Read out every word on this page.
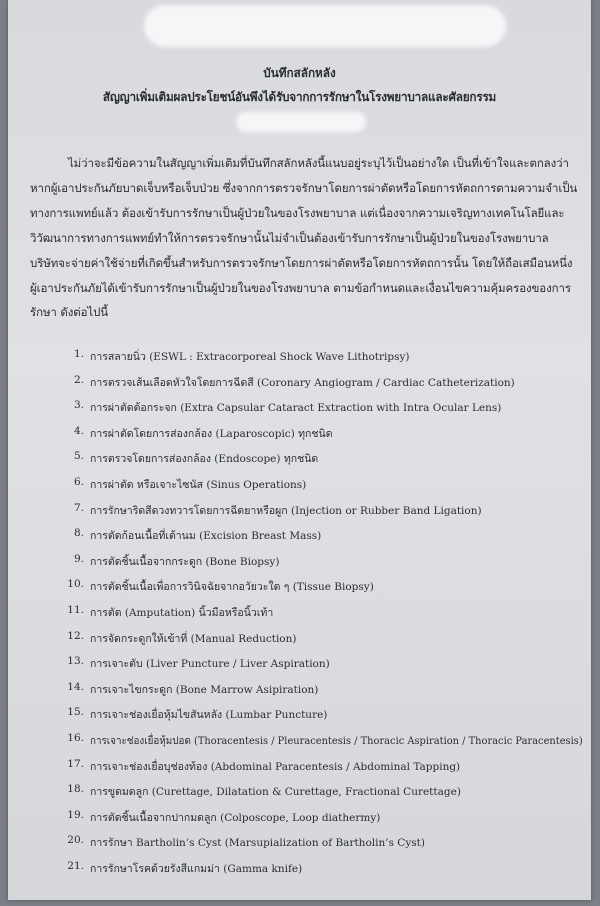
บันทึกสลักหลัง
สัญญาเพิ่มเติมผลประโยชน์อันพึงได้รับจากการรักษาในโรงพยาบาลและศัลยกรรม
ไม่ว่าจะมีข้อความในสัญญาเพิ่มเติมที่บันทึกสลักหลังนี้แนบอยู่ระบุไว้เป็นอย่างใด เป็นที่เข้าใจและตกลงว่า
หากผู้เอาประกันภัยบาดเจ็บหรือเจ็บป่วย ซึ่งจากการตรวจรักษาโดยการผ่าตัดหรือโดยการหัตถการตามความจำเป็น
ทางการแพทย์แล้ว ต้องเข้ารับการรักษาเป็นผู้ป่วยในของโรงพยาบาล แต่เนื่องจากความเจริญทางเทคโนโลยีและ
วิวัฒนาการทางการแพทย์ทำให้การตรวจรักษานั้นไม่จำเป็นต้องเข้ารับการรักษาเป็นผู้ป่วยในของโรงพยาบาล
บริษัทจะจ่ายค่าใช้จ่ายที่เกิดขึ้นสำหรับการตรวจรักษาโดยการผ่าตัดหรือโดยการหัตถการนั้น โดยให้ถือเสมือนหนึ่ง
ผู้เอาประกันภัยได้เข้ารับการรักษาเป็นผู้ป่วยในของโรงพยาบาล ตามข้อกำหนดและเงื่อนไขความคุ้มครองของการ
รักษา ดังต่อไปนี้
1. การสลายนิ่ว (ESWL : Extracorporeal Shock Wave Lithotripsy)
2. การตรวจเส้นเลือดหัวใจโดยการฉีดสี (Coronary Angiogram / Cardiac Catheterization)
3. การผ่าตัดต้อกระจก (Extra Capsular Cataract Extraction with Intra Ocular Lens)
4. การผ่าตัดโดยการส่องกล้อง (Laparoscopic) ทุกชนิด
5. การตรวจโดยการส่องกล้อง (Endoscope) ทุกชนิด
6. การผ่าตัด หรือเจาะไซนัส (Sinus Operations)
7. การรักษาริดสีดวงทวารโดยการฉีดยาหรือผูก (Injection or Rubber Band Ligation)
8. การตัดก้อนเนื้อที่เต้านม (Excision Breast Mass)
9. การตัดชิ้นเนื้อจากกระดูก (Bone Biopsy)
10. การตัดชิ้นเนื้อเพื่อการวินิจฉัยจากอวัยวะใด ๆ (Tissue Biopsy)
11. การตัด (Amputation) นิ้วมือหรือนิ้วเท้า
12. การจัดกระดูกให้เข้าที่ (Manual Reduction)
13. การเจาะตับ (Liver Puncture / Liver Aspiration)
14. การเจาะไขกระดูก (Bone Marrow Asipiration)
15. การเจาะช่องเยื่อหุ้มไขสันหลัง (Lumbar Puncture)
16. การเจาะช่องเยื่อหุ้มปอด (Thoracentesis / Pleuracentesis / Thoracic Aspiration / Thoracic Paracentesis)
17. การเจาะช่องเยื่อบุช่องท้อง (Abdominal Paracentesis / Abdominal Tapping)
18. การขูดมดลูก (Curettage, Dilatation & Curettage, Fractional Curettage)
19. การตัดชิ้นเนื้อจากปากมดลูก (Colposcope, Loop diathermy)
20. การรักษา Bartholin’s Cyst (Marsupialization of Bartholin’s Cyst)
21. การรักษาโรคด้วยรังสีแกมม่า (Gamma knife)
